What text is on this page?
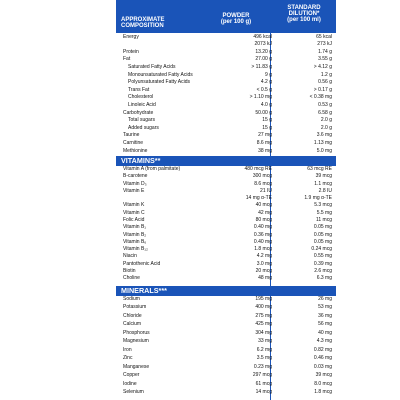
APPROXIMATE
COMPOSITION
POWDER
(per 100 g)
STANDARD
DILUTION*
(per 100 ml)
Energy	496 kcal	65 kcal
2073 kJ	273 kJ
Protein	13.20 g	1.74 g
Fat	27.00 g	3.55 g
Saturated Fatty Acids	> 11.83 g	> 4.12 g
Monounsaturated Fatty Acids	9 g	1.2 g
Polyunsaturated Fatty Acids	4.2 g	0.56 g
Trans Fat	< 0.5 g	> 0.17 g
Cholesterol	> 1.10 mg	< 0.38 mg
Linoleic Acid	4.0 g	0.53 g
Carbohydrate	50.00 g	6.58 g
Total sugars	15 g	2.0 g
Added sugars	15 g	2.0 g
Taurine	27 mg	3.6 mg
Carnitine	8.6 mg	1.13 mg
Methionine	38 mg	5.0 mg
VITAMINS**
Vitamin A (from palmitate)	480 mcg RE	63 mcg RE
B-carotene	300 mcg	39 mcg
Vitamin D₃	8.6 mcg	1.1 mcg
Vitamin E	21 IU	2.8 IU
14 mg α-TE	1.9 mg α-TE
Vitamin K	40 mcg	5.3 mcg
Vitamin C	42 mg	5.5 mg
Folic Acid	80 mcg	11 mcg
Vitamin B₁	0.40 mg	0.05 mg
Vitamin B₂	0.36 mg	0.05 mg
Vitamin B₆	0.40 mg	0.05 mg
Vitamin B₁₂	1.8 mcg	0.24 mcg
Niacin	4.2 mg	0.55 mg
Pantothenic Acid	3.0 mg	0.39 mg
Biotin	20 mcg	2.6 mcg
Choline	48 mg	6.3 mg
MINERALS***
Sodium	195 mg	26 mg
Potassium	400 mg	53 mg
Chloride	275 mg	36 mg
Calcium	425 mg	56 mg
Phosphorus	304 mg	40 mg
Magnesium	33 mg	4.3 mg
Iron	6.2 mg	0.82 mg
Zinc	3.5 mg	0.46 mg
Manganese	0.23 mg	0.03 mg
Copper	297 mcg	39 mcg
Iodine	61 mcg	8.0 mcg
Selenium	14 mcg	1.8 mcg
